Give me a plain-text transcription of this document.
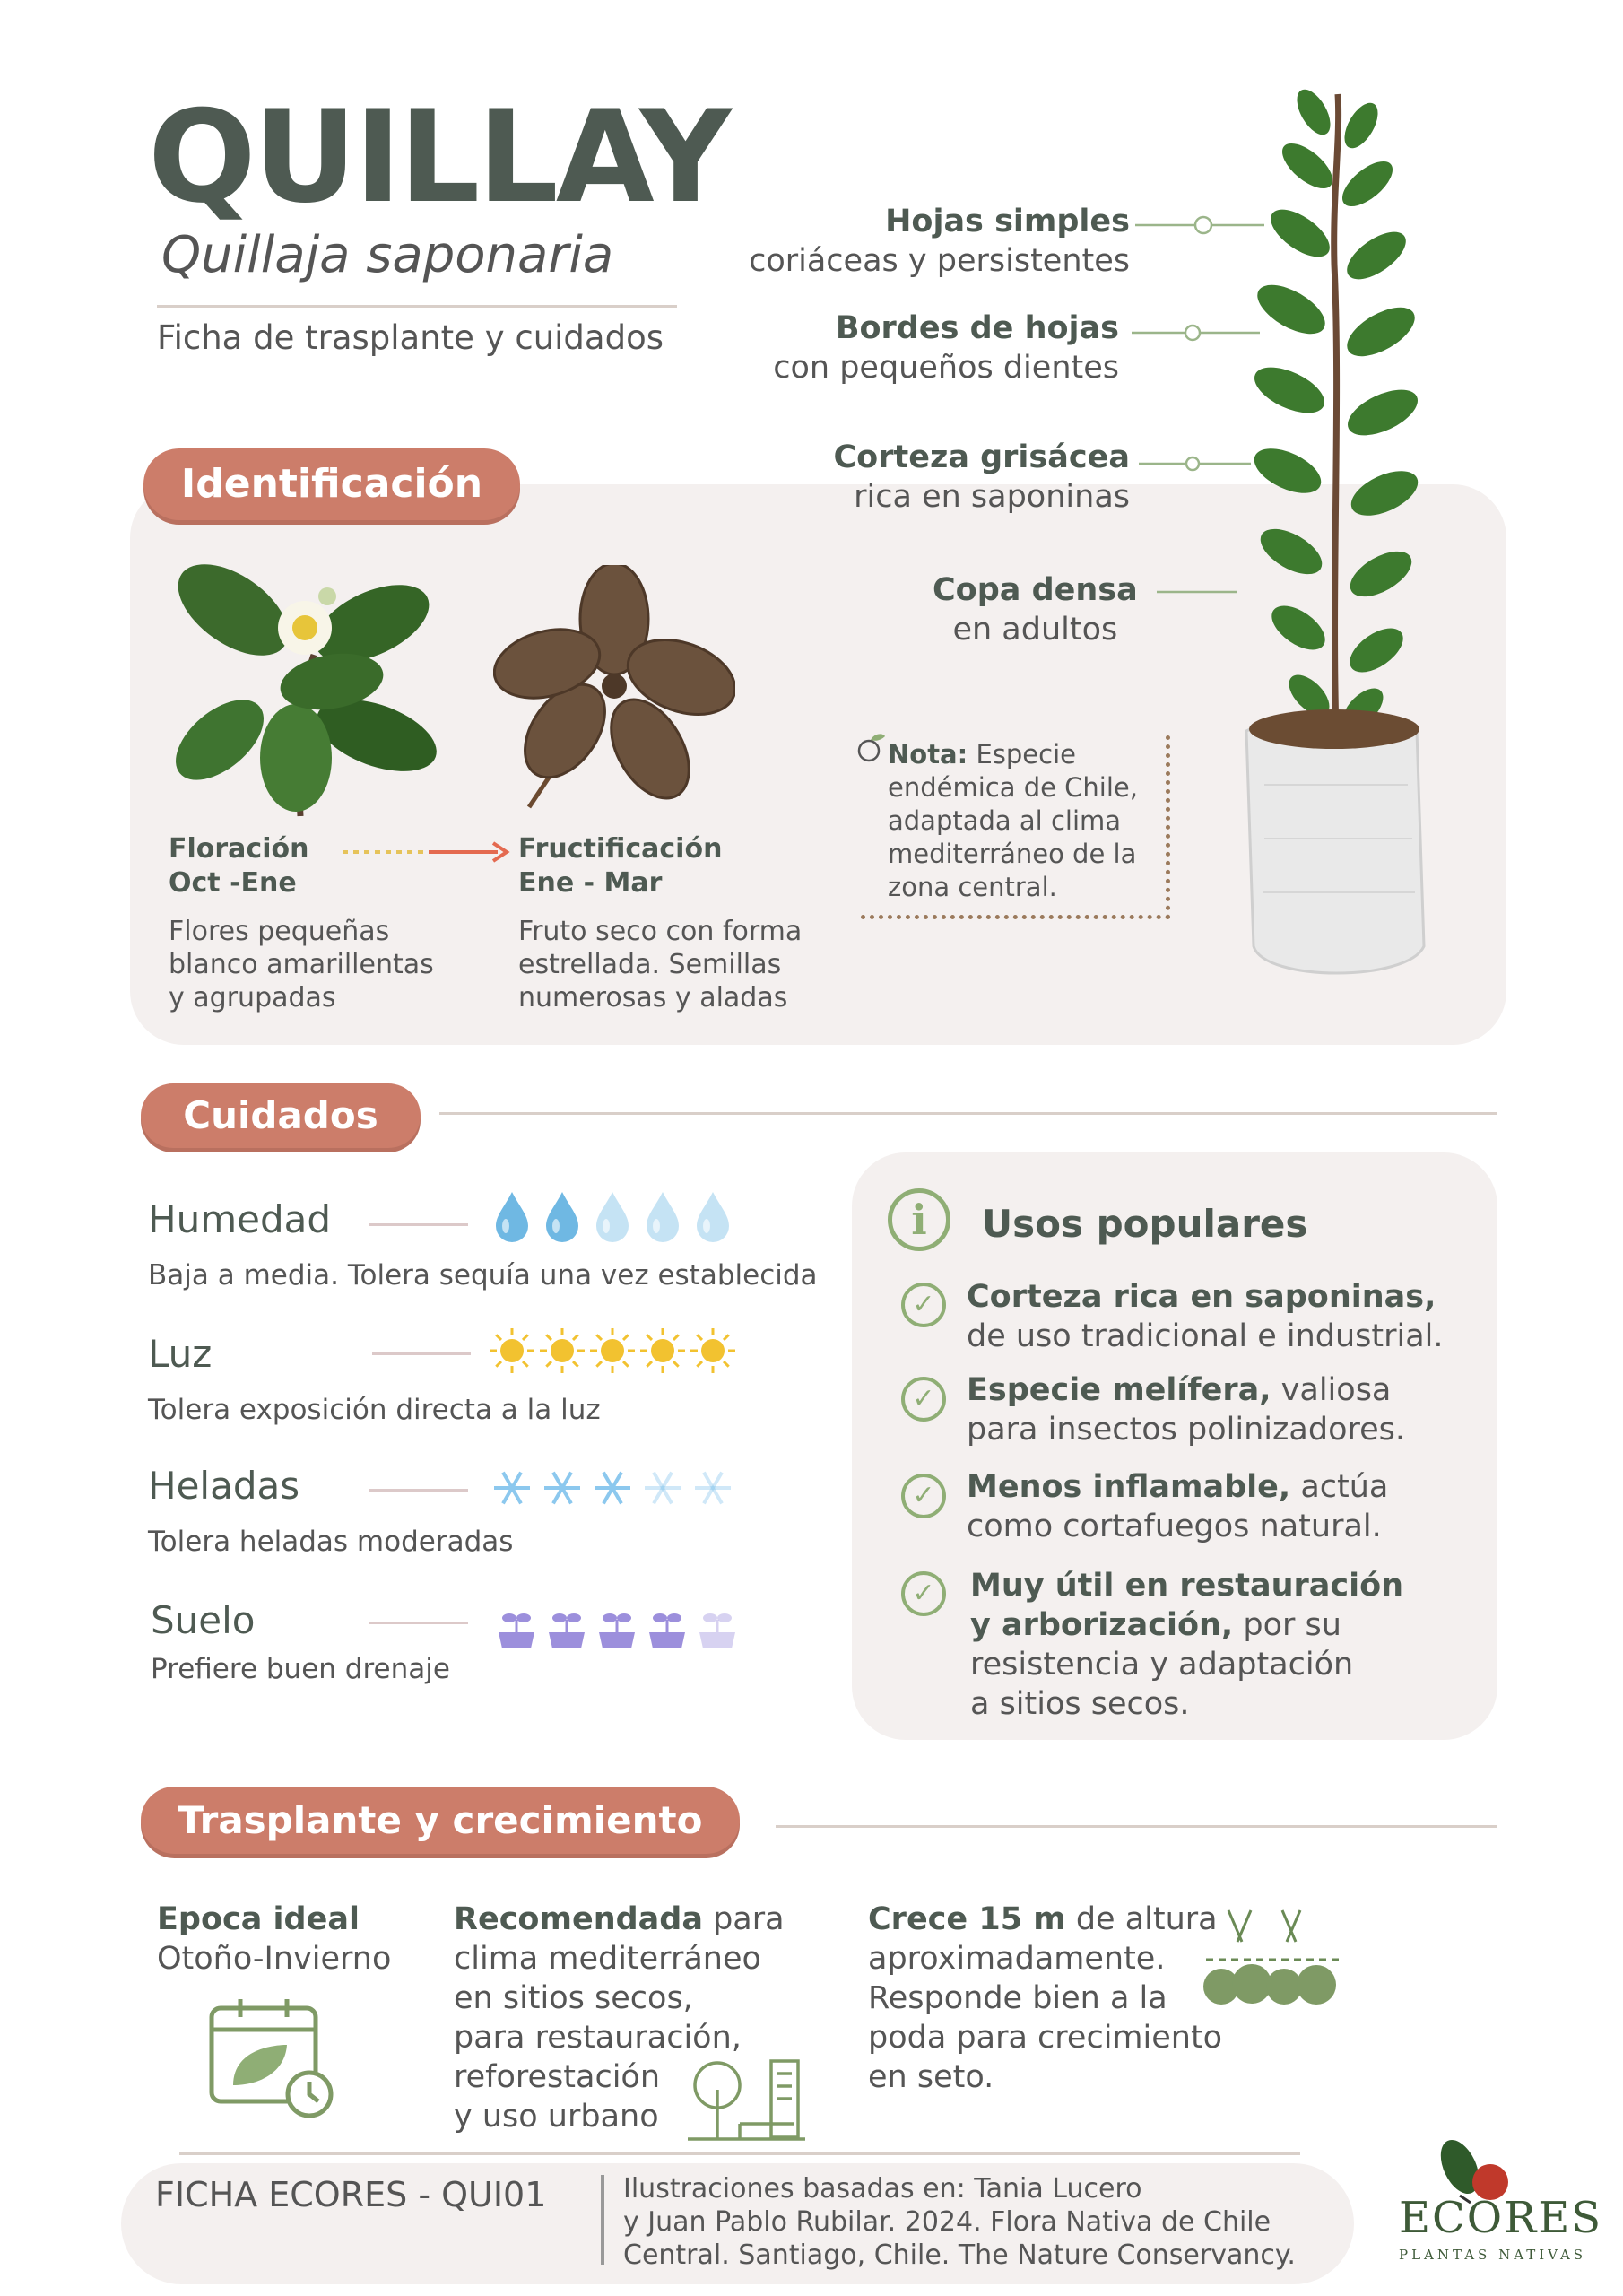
QUILLAY
Quillaja saponaria
Ficha de trasplante y cuidados
Identificación
Floración
Oct -Ene
Fructificación
Ene - Mar
Flores pequeñas
blanco amarillentas
y agrupadas
Fruto seco con forma
estrellada. Semillas
numerosas y aladas
Nota: Especie
endémica de Chile,
adaptada al clima
mediterráneo de la
zona central.
Hojas simples
coriáceas y persistentes
Bordes de hojas
con pequeños dientes
Corteza grisácea
rica en saponinas
Copa densa
en adultos
Cuidados
Humedad
Baja a media. Tolera sequía una vez establecida
Luz
Tolera exposición directa a la luz
Heladas
Tolera heladas moderadas
Suelo
Prefiere buen drenaje
i	Usos populares
✓	Corteza rica en saponinas,
de uso tradicional e industrial.
✓	Especie melífera, valiosa
para insectos polinizadores.
✓	Menos inflamable, actúa
como cortafuegos natural.
✓	Muy útil en restauración
y arborización, por su
resistencia y adaptación
a sitios secos.
Trasplante y crecimiento
Epoca ideal
Otoño-Invierno
Recomendada para
clima mediterráneo
en sitios secos,
para restauración,
reforestación
y uso urbano
Crece 15 m de altura
aproximadamente.
Responde bien a la
poda para crecimiento
en seto.
FICHA ECORES - QUI01	Ilustraciones basadas en: Tania Lucero
y Juan Pablo Rubilar. 2024. Flora Nativa de Chile
Central. Santiago, Chile. The Nature Conservancy.
ECORES
PLANTAS NATIVAS
